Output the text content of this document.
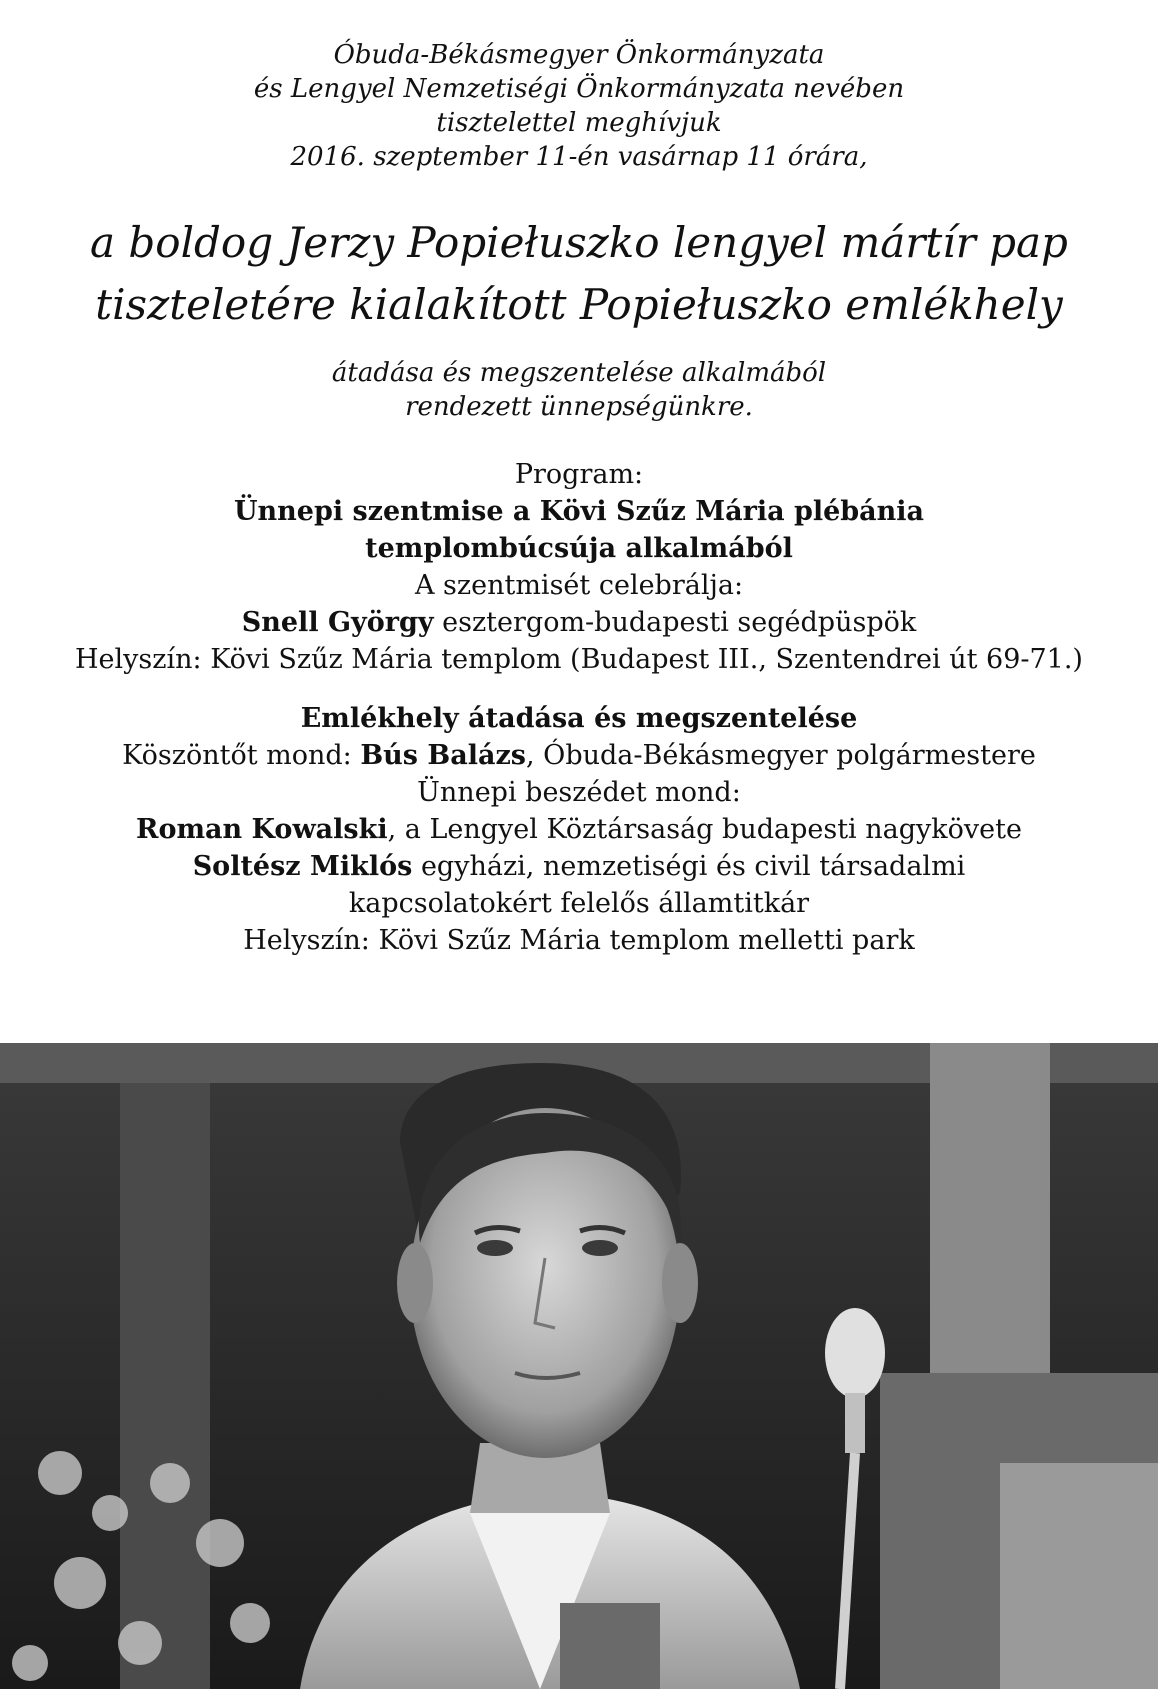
Óbuda-Békásmegyer Önkormányzata
és Lengyel Nemzetiségi Önkormányzata nevében
tisztelettel meghívjuk
2016. szeptember 11-én vasárnap 11 órára,
a boldog Jerzy Popiełuszko lengyel mártír pap
tiszteletére kialakított Popiełuszko emlékhely
átadása és megszentelése alkalmából
rendezett ünnepségünkre.
Program:
Ünnepi szentmise a Kövi Szűz Mária plébánia
templombúcsúja alkalmából
A szentmisét celebrálja:
Snell György esztergom-budapesti segédpüspök
Helyszín: Kövi Szűz Mária templom (Budapest III., Szentendrei út 69-71.)
Emlékhely átadása és megszentelése
Köszöntőt mond: Bús Balázs, Óbuda-Békásmegyer polgármestere
Ünnepi beszédet mond:
Roman Kowalski, a Lengyel Köztársaság budapesti nagykövete
Soltész Miklós egyházi, nemzetiségi és civil társadalmi
kapcsolatokért felelős államtitkár
Helyszín: Kövi Szűz Mária templom melletti park
